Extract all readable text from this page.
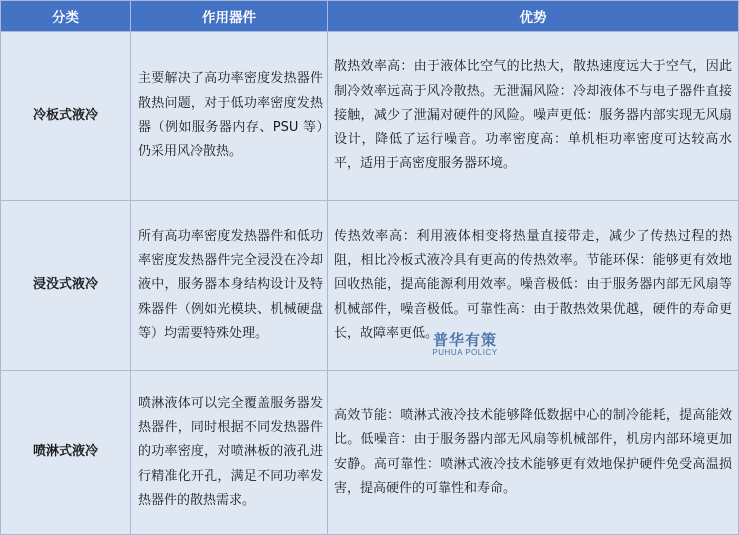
分类	作用器件	优势
冷板式液冷	主要解决了高功率密度发热器件散热问题，对于低功率密度发热器（例如服务器内存、PSU 等）仍采用风冷散热。	散热效率高：由于液体比空气的比热大，散热速度远大于空气，因此制冷效率远高于风冷散热。无泄漏风险：冷却液体不与电子器件直接接触，减少了泄漏对硬件的风险。噪声更低：服务器内部实现无风扇设计，降低了运行噪音。功率密度高：单机柜功率密度可达较高水平，适用于高密度服务器环境。
浸没式液冷	所有高功率密度发热器件和低功率密度发热器件完全浸没在冷却液中，服务器本身结构设计及特殊器件（例如光模块、机械硬盘等）均需要特殊处理。	传热效率高：利用液体相变将热量直接带走，减少了传热过程的热阻，相比冷板式液冷具有更高的传热效率。节能环保：能够更有效地回收热能，提高能源利用效率。噪音极低：由于服务器内部无风扇等机械部件，噪音极低。可靠性高：由于散热效果优越，硬件的寿命更长，故障率更低。
喷淋式液冷	喷淋液体可以完全覆盖服务器发热器件，同时根据不同发热器件的功率密度，对喷淋板的液孔进行精准化开孔，满足不同功率发热器件的散热需求。	高效节能：喷淋式液冷技术能够降低数据中心的制冷能耗，提高能效比。低噪音：由于服务器内部无风扇等机械部件，机房内部环境更加安静。高可靠性：喷淋式液冷技术能够更有效地保护硬件免受高温损害，提高硬件的可靠性和寿命。
普华有策
PUHUA POLICY
